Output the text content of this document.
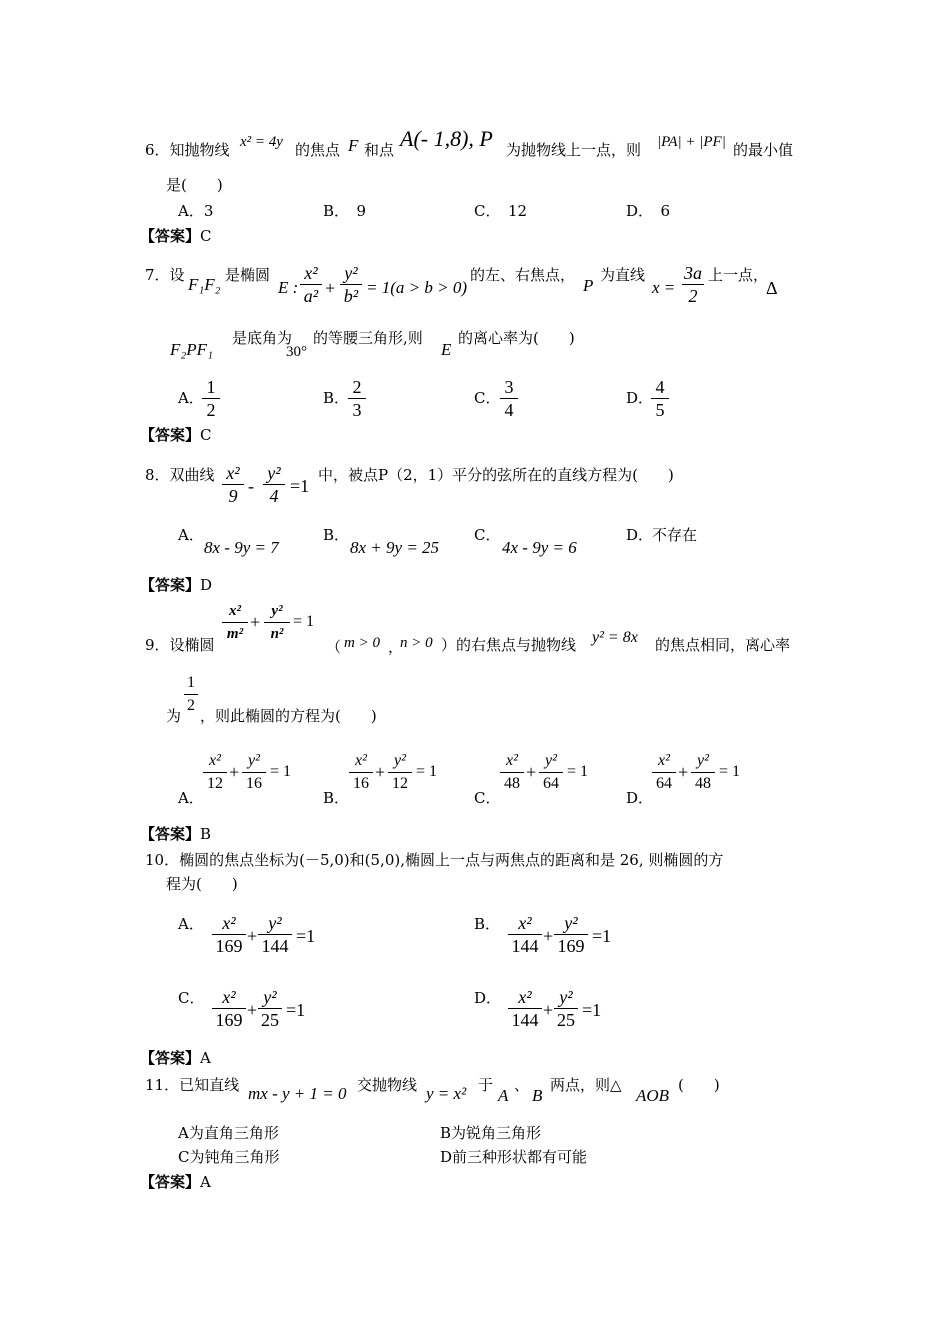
6．知抛物线 x² = 4y 的焦点 F 和点 A(- 1,8), P 为抛物线上一点，则 |PA| + |PF| 的最小值
是(　　)
A．3	B．　9	C．　12	D．　6
【答案】C
7．设 F₁F₂ 是椭圆
E :
x²
a² +
y²
b² = 1(a > b > 0)
的左、右焦点，
P
为直线
x =
3a
2
上一点，
Δ
F₂PF₁
是底角为
30°
的等腰三角形,则
E
的离心率为(　　)
A．
1
2
B．
2
3
C．
3
4
D．
4
5
【答案】C
8．双曲线 x²
9 -
y²
4 =1
中，被点P（2，1）平分的弦所在的直线方程为(　　)
A．
8x - 9y = 7
B．
8x + 9y = 25
C．
4x - 9y = 6
D．
不存在
【答案】D
9．设椭圆
x²
m²
+
y²
n²
= 1
（ m > 0 ，
n > 0 ）的右焦点与抛物线 y² = 8x 的焦点相同，离心率
为
1
2
，则此椭圆的方程为(　　)
A．
x²
12
+
y²
16
= 1
B．
x²
16
+
y²
12
= 1
C．
x²
48
+
y²
64
= 1
D．
x²
64
+
y²
48
= 1
【答案】B
10．椭圆的焦点坐标为(－5,0)和(5,0),椭圆上一点与两焦点的距离和是 26, 则椭圆的方
程为(　　)
A．	x²
169 +
y²
144 =1
B．	x²
144 +
y²
169 =1
C． x²
169 +
y²
25 =1
D． x²
144 +
y²
25 =1
【答案】A
11．已知直线 mx - y + 1 = 0 交抛物线 y = x² 于
A
、
B
两点，则△
AOB
(　　)
A为直角三角形	B为锐角三角形
C为钝角三角形	D前三种形状都有可能
【答案】A
